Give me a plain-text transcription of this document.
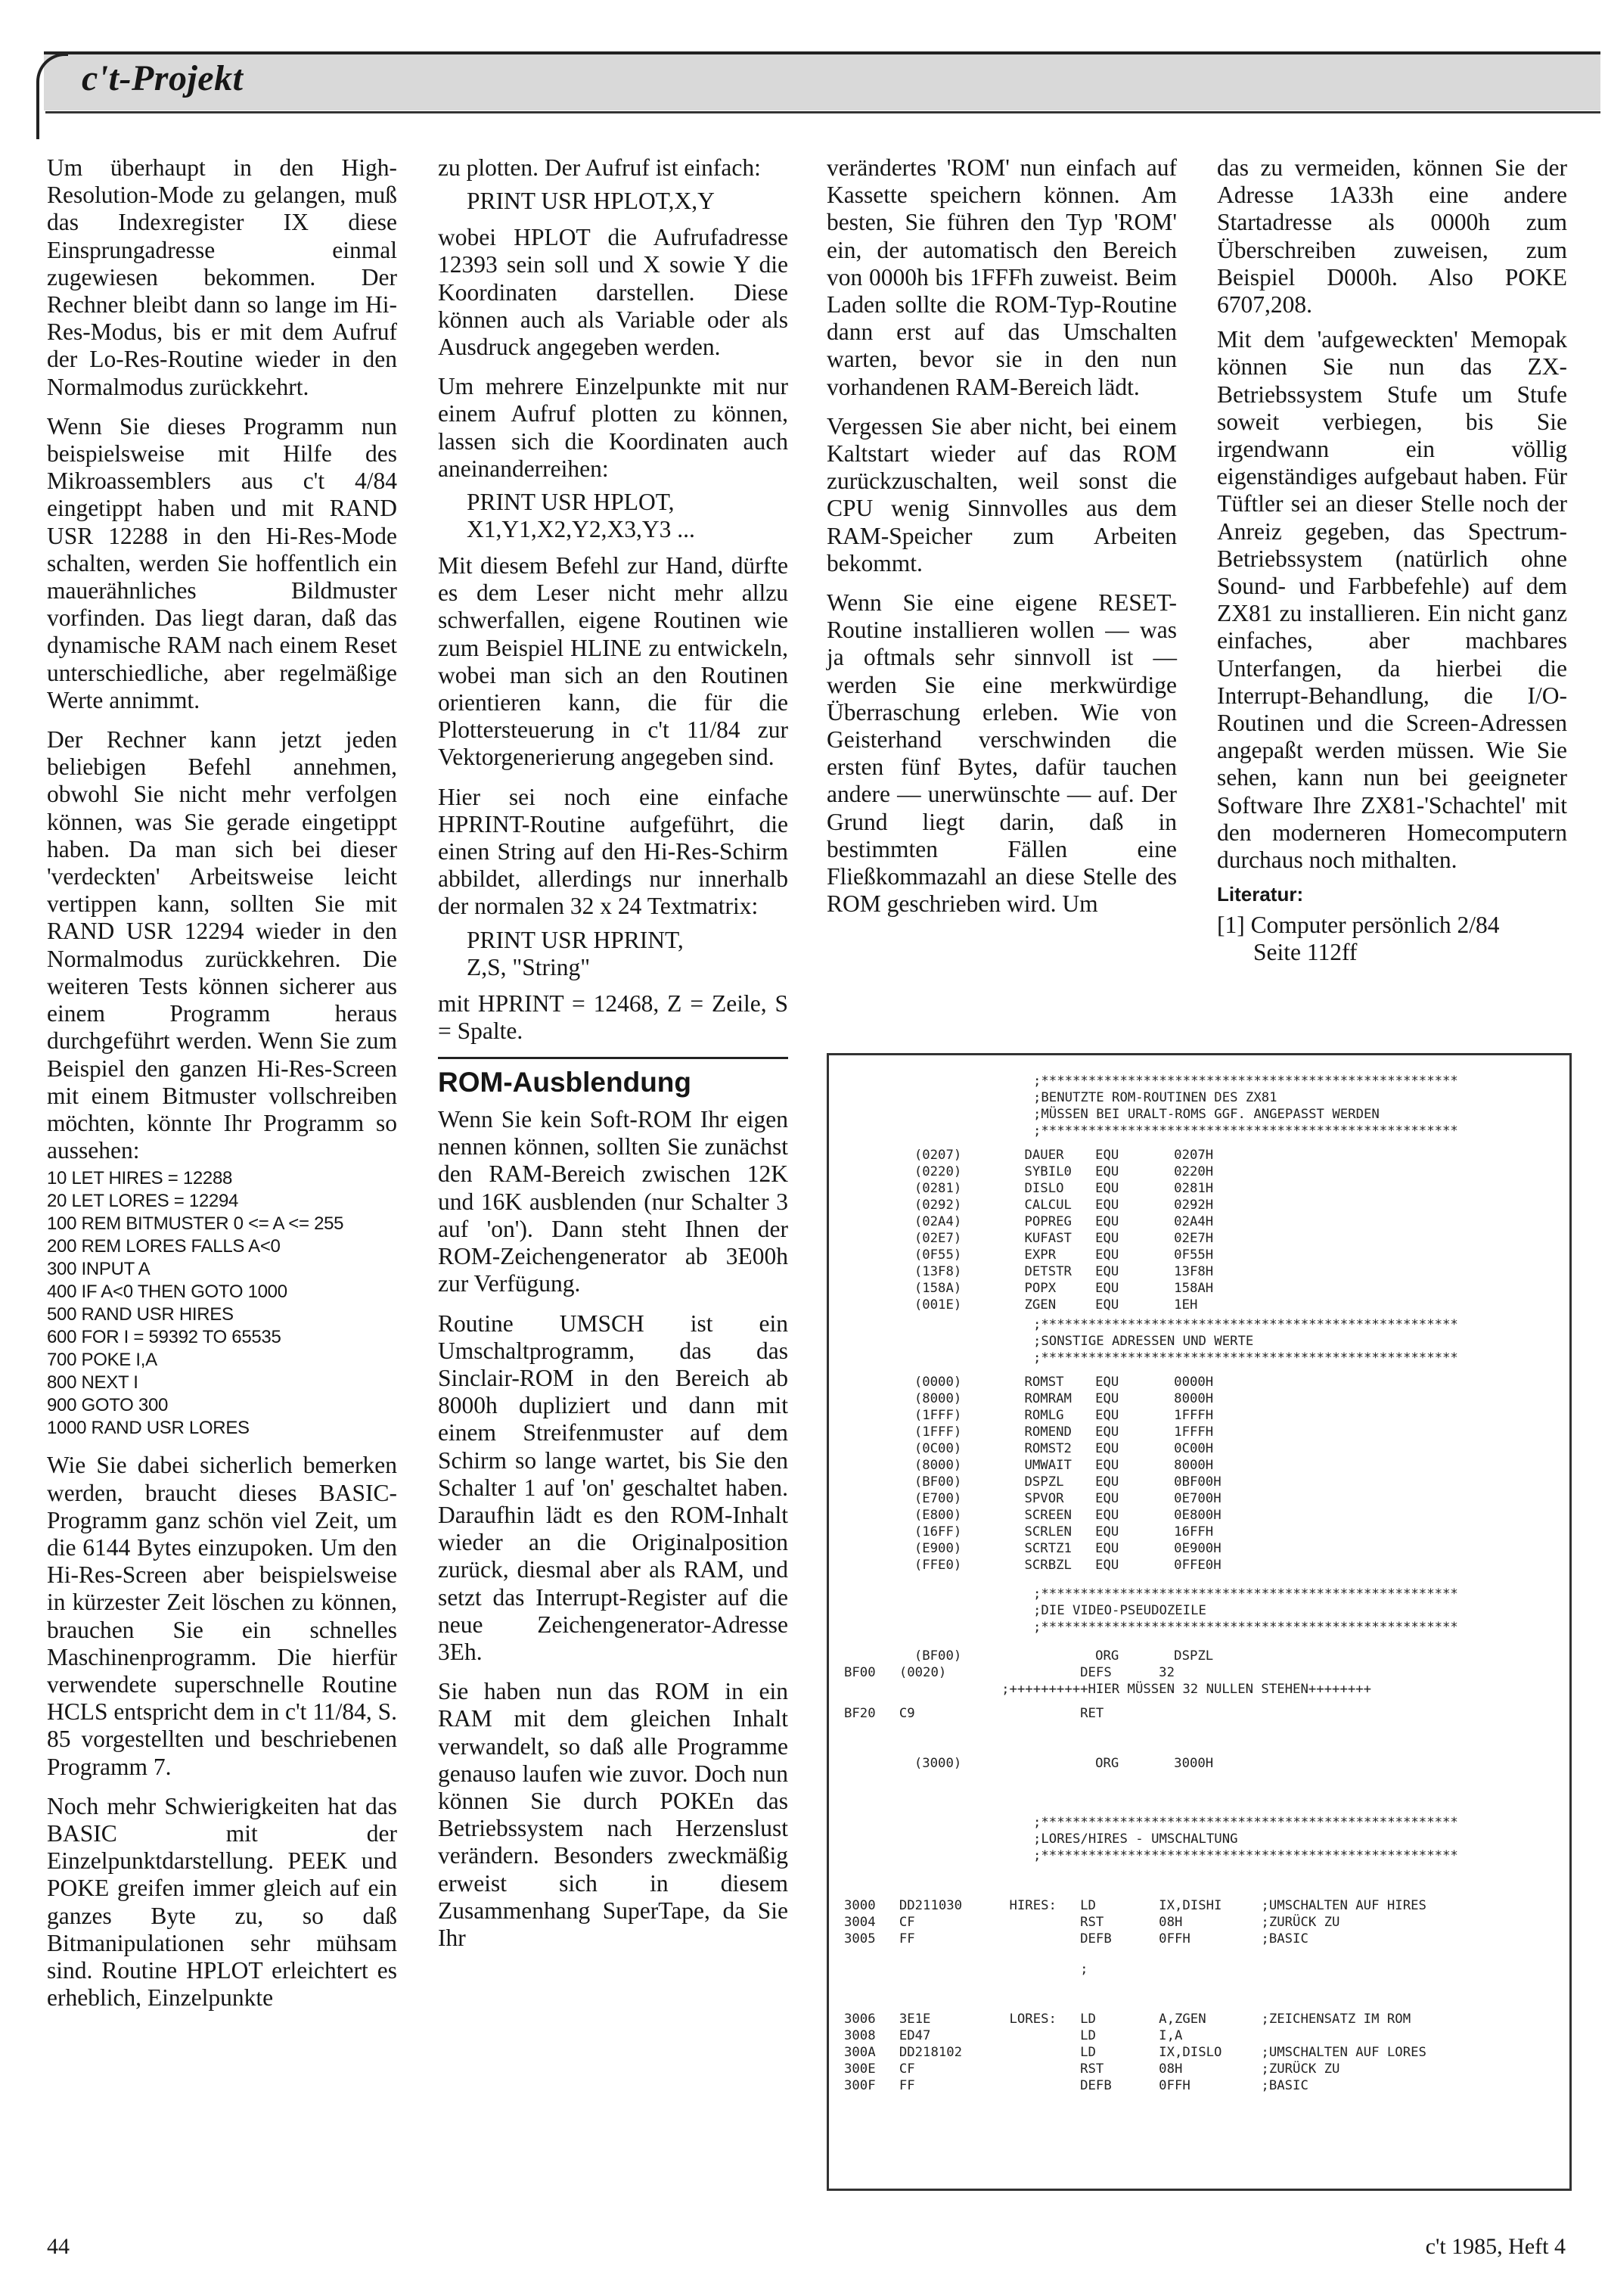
c't-Projekt

Um überhaupt in den High-Resolution-Mode zu gelangen, muß das Indexregister IX diese Einsprungadresse einmal zugewiesen bekommen. Der Rechner bleibt dann so lange im Hi-Res-Modus, bis er mit dem Aufruf der Lo-Res-Routine wieder in den Normalmodus zurückkehrt.

Wenn Sie dieses Programm nun beispielsweise mit Hilfe des Mikroassemblers aus c't 4/84 eingetippt haben und mit RAND USR 12288 in den Hi-Res-Mode schalten, werden Sie hoffentlich ein mauerähnliches Bildmuster vorfinden. Das liegt daran, daß das dynamische RAM nach einem Reset unterschiedliche, aber regelmäßige Werte annimmt.

Der Rechner kann jetzt jeden beliebigen Befehl annehmen, obwohl Sie nicht mehr verfolgen können, was Sie gerade eingetippt haben. Da man sich bei dieser 'verdeckten' Arbeitsweise leicht vertippen kann, sollten Sie mit RAND USR 12294 wieder in den Normalmodus zurückkehren. Die weiteren Tests können sicherer aus einem Programm heraus durchgeführt werden. Wenn Sie zum Beispiel den ganzen Hi-Res-Screen mit einem Bitmuster vollschreiben möchten, könnte Ihr Programm so aussehen:

10 LET HIRES = 12288
20 LET LORES = 12294
100 REM BITMUSTER 0 <= A <= 255
200 REM LORES FALLS A<0
300 INPUT A
400 IF A<0 THEN GOTO 1000
500 RAND USR HIRES
600 FOR I = 59392 TO 65535
700 POKE I,A
800 NEXT I
900 GOTO 300
1000 RAND USR LORES

Wie Sie dabei sicherlich bemerken werden, braucht dieses BASIC-Programm ganz schön viel Zeit, um die 6144 Bytes einzupoken. Um den Hi-Res-Screen aber beispielsweise in kürzester Zeit löschen zu können, brauchen Sie ein schnelles Maschinenprogramm. Die hierfür verwendete superschnelle Routine HCLS entspricht dem in c't 11/84, S. 85 vorgestellten und beschriebenen Programm 7.

Noch mehr Schwierigkeiten hat das BASIC mit der Einzelpunktdarstellung. PEEK und POKE greifen immer gleich auf ein ganzes Byte zu, so daß Bitmanipulationen sehr mühsam sind. Routine HPLOT erleichtert es erheblich, Einzelpunkte

zu plotten. Der Aufruf ist einfach:

PRINT USR HPLOT,X,Y

wobei HPLOT die Aufrufadresse 12393 sein soll und X sowie Y die Koordinaten darstellen. Diese können auch als Variable oder als Ausdruck angegeben werden.

Um mehrere Einzelpunkte mit nur einem Aufruf plotten zu können, lassen sich die Koordinaten auch aneinanderreihen:

PRINT USR HPLOT,
X1,Y1,X2,Y2,X3,Y3 ...

Mit diesem Befehl zur Hand, dürfte es dem Leser nicht mehr allzu schwerfallen, eigene Routinen wie zum Beispiel HLINE zu entwickeln, wobei man sich an den Routinen orientieren kann, die für die Plottersteuerung in c't 11/84 zur Vektorgenerierung angegeben sind.

Hier sei noch eine einfache HPRINT-Routine aufgeführt, die einen String auf den Hi-Res-Schirm abbildet, allerdings nur innerhalb der normalen 32 x 24 Textmatrix:

PRINT USR HPRINT,
Z,S, "String"

mit HPRINT = 12468, Z = Zeile, S = Spalte.

ROM-Ausblendung

Wenn Sie kein Soft-ROM Ihr eigen nennen können, sollten Sie zunächst den RAM-Bereich zwischen 12K und 16K ausblenden (nur Schalter 3 auf 'on'). Dann steht Ihnen der ROM-Zeichengenerator ab 3E00h zur Verfügung.

Routine UMSCH ist ein Umschaltprogramm, das das Sinclair-ROM in den Bereich ab 8000h dupliziert und dann mit einem Streifenmuster auf dem Schirm so lange wartet, bis Sie den Schalter 1 auf 'on' geschaltet haben. Daraufhin lädt es den ROM-Inhalt wieder an die Originalposition zurück, diesmal aber als RAM, und setzt das Interrupt-Register auf die neue Zeichengenerator-Adresse 3Eh.

Sie haben nun das ROM in ein RAM mit dem gleichen Inhalt verwandelt, so daß alle Programme genauso laufen wie zuvor. Doch nun können Sie durch POKEn das Betriebssystem nach Herzenslust verändern. Besonders zweckmäßig erweist sich in diesem Zusammenhang SuperTape, da Sie Ihr

verändertes 'ROM' nun einfach auf Kassette speichern können. Am besten, Sie führen den Typ 'ROM' ein, der automatisch den Bereich von 0000h bis 1FFFh zuweist. Beim Laden sollte die ROM-Typ-Routine dann erst auf das Umschalten warten, bevor sie in den nun vorhandenen RAM-Bereich lädt.

Vergessen Sie aber nicht, bei einem Kaltstart wieder auf das ROM zurückzuschalten, weil sonst die CPU wenig Sinnvolles aus dem RAM-Speicher zum Arbeiten bekommt.

Wenn Sie eine eigene RESET-Routine installieren wollen — was ja oftmals sehr sinnvoll ist — werden Sie eine merkwürdige Überraschung erleben. Wie von Geisterhand verschwinden die ersten fünf Bytes, dafür tauchen andere — unerwünschte — auf. Der Grund liegt darin, daß in bestimmten Fällen eine Fließkommazahl an diese Stelle des ROM geschrieben wird. Um

das zu vermeiden, können Sie der Adresse 1A33h eine andere Startadresse als 0000h zum Überschreiben zuweisen, zum Beispiel D000h. Also POKE 6707,208.

Mit dem 'aufgeweckten' Memopak können Sie nun das ZX-Betriebssystem Stufe um Stufe soweit verbiegen, bis Sie irgendwann ein völlig eigenständiges aufgebaut haben. Für Tüftler sei an dieser Stelle noch der Anreiz gegeben, das Spectrum-Betriebssystem (natürlich ohne Sound- und Farbbefehle) auf dem ZX81 zu installieren. Ein nicht ganz einfaches, aber machbares Unterfangen, da hierbei die Interrupt-Behandlung, die I/O-Routinen und die Screen-Adressen angepaßt werden müssen. Wie Sie sehen, kann nun bei geeigneter Software Ihre ZX81-'Schachtel' mit den moderneren Homecomputern durchaus noch mithalten.

Literatur:
[1] Computer persönlich 2/84
Seite 112ff
;*****************************************************
;BENUTZTE ROM-ROUTINEN DES ZX81
;MÜSSEN BEI URALT-ROMS GGF. ANGEPASST WERDEN
;*****************************************************
(0207)        DAUER    EQU       0207H
(0220)        SYBIL0   EQU       0220H
(0281)        DISLO    EQU       0281H
(0292)        CALCUL   EQU       0292H
(02A4)        POPREG   EQU       02A4H
(02E7)        KUFAST   EQU       02E7H
(0F55)        EXPR     EQU       0F55H
(13F8)        DETSTR   EQU       13F8H
(158A)        POPX     EQU       158AH
(001E)        ZGEN     EQU       1EH
;*****************************************************
;SONSTIGE ADRESSEN UND WERTE
;*****************************************************
(0000)        ROMST    EQU       0000H
(8000)        ROMRAM   EQU       8000H
(1FFF)        ROMLG    EQU       1FFFH
(1FFF)        ROMEND   EQU       1FFFH
(0C00)        ROMST2   EQU       0C00H
(8000)        UMWAIT   EQU       8000H
(BF00)        DSPZL    EQU       0BF00H
(E700)        SPVOR    EQU       0E700H
(E800)        SCREEN   EQU       0E800H
(16FF)        SCRLEN   EQU       16FFH
(E900)        SCRTZ1   EQU       0E900H
(FFE0)        SCRBZL   EQU       0FFE0H
;*****************************************************
;DIE VIDEO-PSEUDOZEILE
;*****************************************************
(BF00)                 ORG       DSPZL
BF00   (0020)                 DEFS      32
;++++++++++HIER MÜSSEN 32 NULLEN STEHEN++++++++
BF20   C9                     RET
(3000)                 ORG       3000H
;*****************************************************
;LORES/HIRES - UMSCHALTUNG
;*****************************************************
3000   DD211030      HIRES:   LD        IX,DISHI     ;UMSCHALTEN AUF HIRES
3004   CF                     RST       08H          ;ZURÜCK ZU
3005   FF                     DEFB      0FFH         ;BASIC
;
3006   3E1E          LORES:   LD        A,ZGEN       ;ZEICHENSATZ IM ROM
3008   ED47                   LD        I,A
300A   DD218102               LD        IX,DISLO     ;UMSCHALTEN AUF LORES
300E   CF                     RST       08H          ;ZURÜCK ZU
300F   FF                     DEFB      0FFH         ;BASIC
44	c't 1985, Heft 4
